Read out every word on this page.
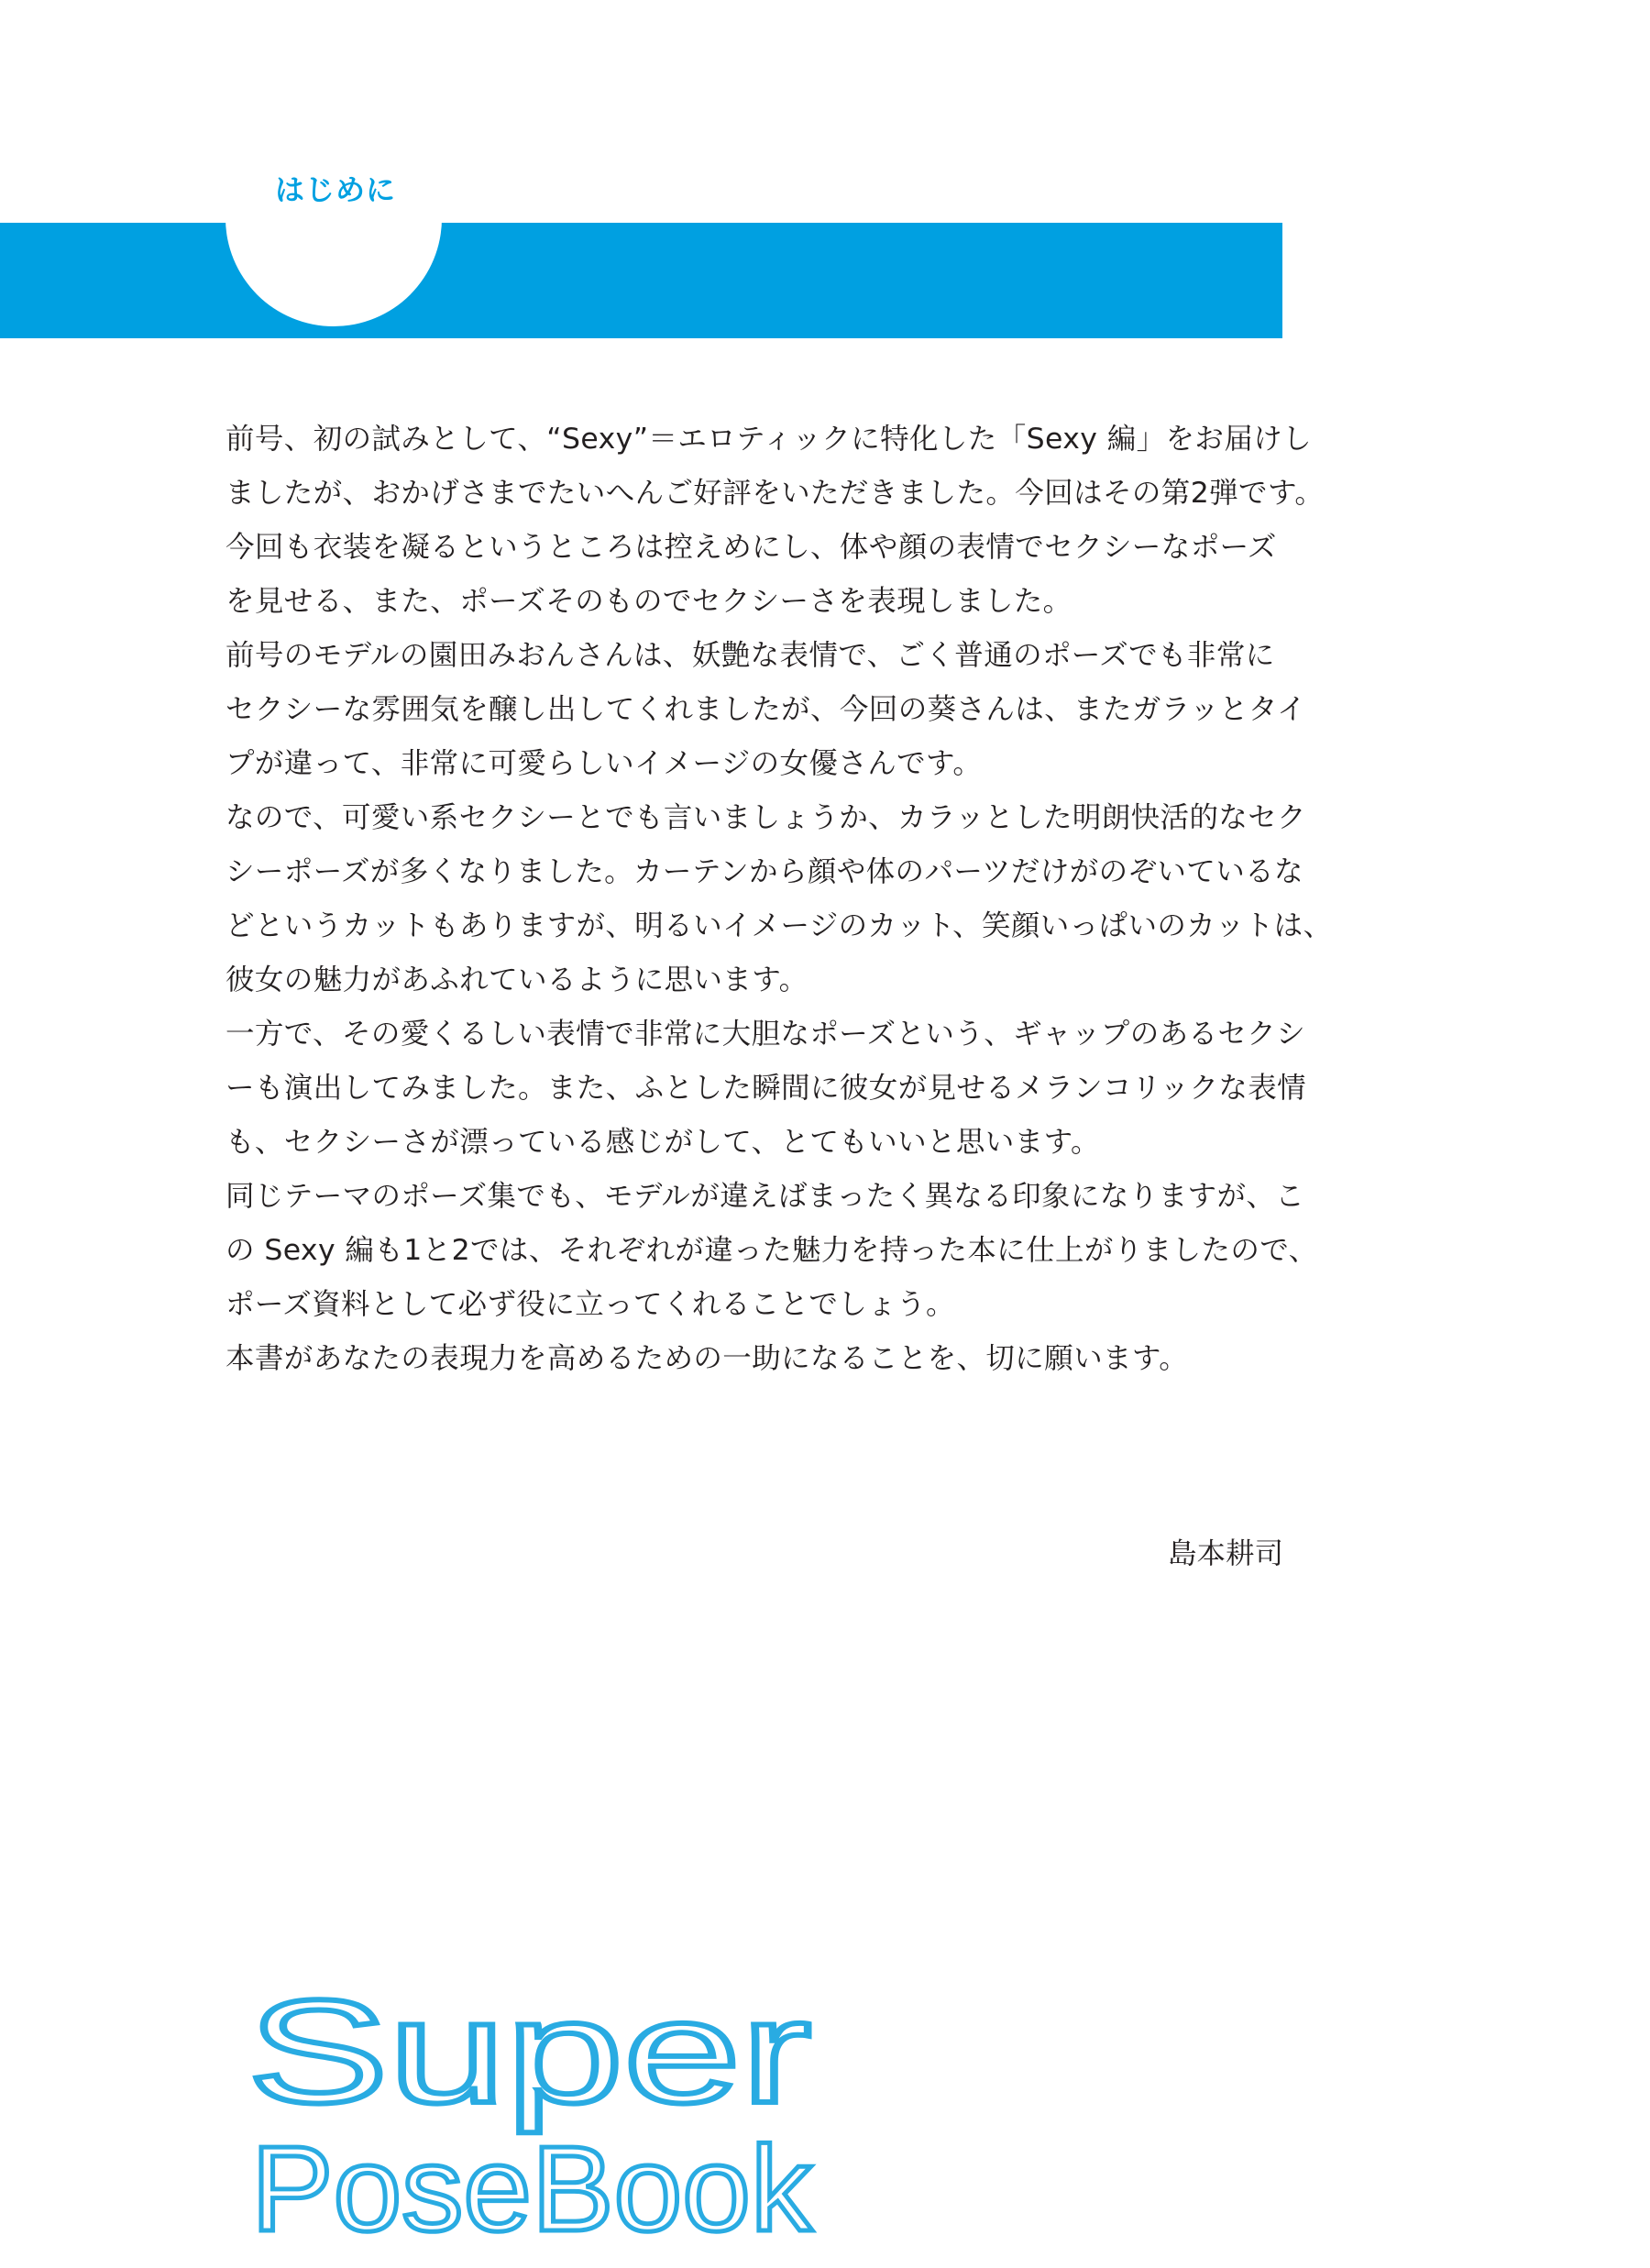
はじめに
前号、初の試みとして、“Sexy”＝エロティックに特化した「Sexy 編」をお届けし
ましたが、おかげさまでたいへんご好評をいただきました。今回はその第2弾です。
今回も衣装を凝るというところは控えめにし、体や顔の表情でセクシーなポーズ
を見せる、また、ポーズそのものでセクシーさを表現しました。
前号のモデルの園田みおんさんは、妖艶な表情で、ごく普通のポーズでも非常に
セクシーな雰囲気を醸し出してくれましたが、今回の葵さんは、またガラッとタイ
プが違って、非常に可愛らしいイメージの女優さんです。
なので、可愛い系セクシーとでも言いましょうか、カラッとした明朗快活的なセク
シーポーズが多くなりました。カーテンから顔や体のパーツだけがのぞいているな
どというカットもありますが、明るいイメージのカット、笑顔いっぱいのカットは、
彼女の魅力があふれているように思います。
一方で、その愛くるしい表情で非常に大胆なポーズという、ギャップのあるセクシ
ーも演出してみました。また、ふとした瞬間に彼女が見せるメランコリックな表情
も、セクシーさが漂っている感じがして、とてもいいと思います。
同じテーマのポーズ集でも、モデルが違えばまったく異なる印象になりますが、こ
の Sexy 編も1と2では、それぞれが違った魅力を持った本に仕上がりましたので、
ポーズ資料として必ず役に立ってくれることでしょう。
本書があなたの表現力を高めるための一助になることを、切に願います。
島本耕司
Super
PoseBook
